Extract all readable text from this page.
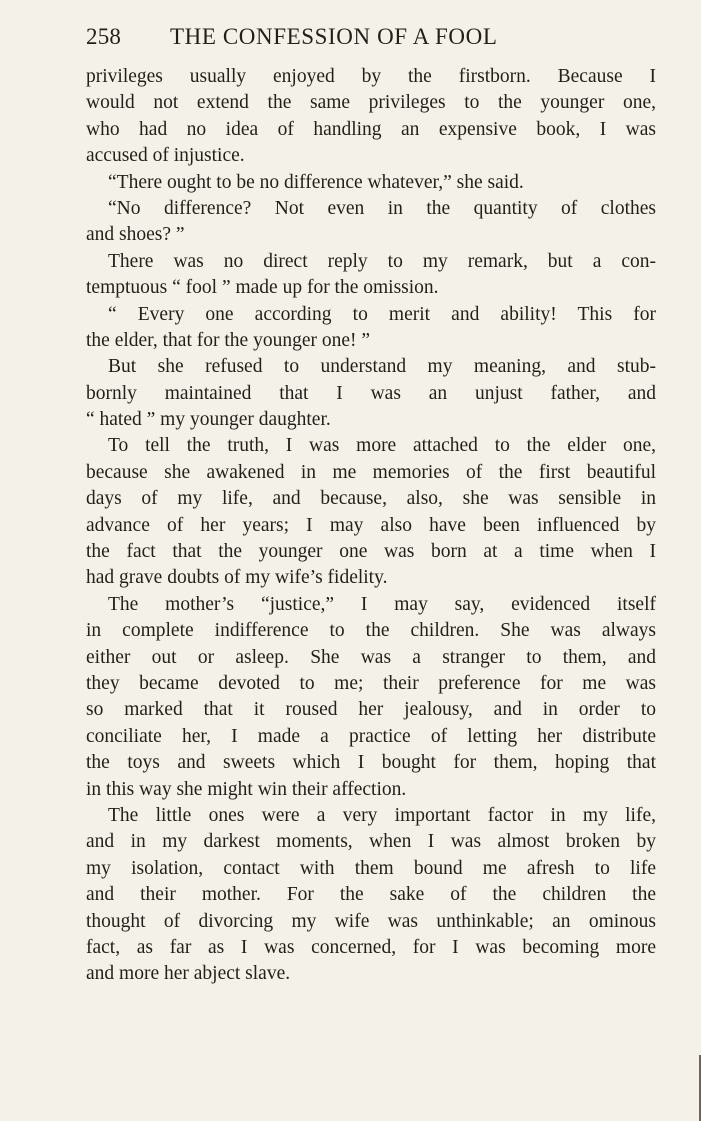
258 THE CONFESSION OF A FOOL
privileges usually enjoyed by the firstborn. Because I
would not extend the same privileges to the younger one,
who had no idea of handling an expensive book, I was
accused of injustice.
“There ought to be no difference whatever,” she said.
“No difference? Not even in the quantity of clothes
and shoes? ”
There was no direct reply to my remark, but a con-
temptuous “ fool ” made up for the omission.
“ Every one according to merit and ability! This for
the elder, that for the younger one! ”
But she refused to understand my meaning, and stub-
bornly maintained that I was an unjust father, and
“ hated ” my younger daughter.
To tell the truth, I was more attached to the elder one,
because she awakened in me memories of the first beautiful
days of my life, and because, also, she was sensible in
advance of her years; I may also have been influenced by
the fact that the younger one was born at a time when I
had grave doubts of my wife’s fidelity.
The mother’s “justice,” I may say, evidenced itself
in complete indifference to the children. She was always
either out or asleep. She was a stranger to them, and
they became devoted to me; their preference for me was
so marked that it roused her jealousy, and in order to
conciliate her, I made a practice of letting her distribute
the toys and sweets which I bought for them, hoping that
in this way she might win their affection.
The little ones were a very important factor in my life,
and in my darkest moments, when I was almost broken by
my isolation, contact with them bound me afresh to life
and their mother. For the sake of the children the
thought of divorcing my wife was unthinkable; an ominous
fact, as far as I was concerned, for I was becoming more
and more her abject slave.
